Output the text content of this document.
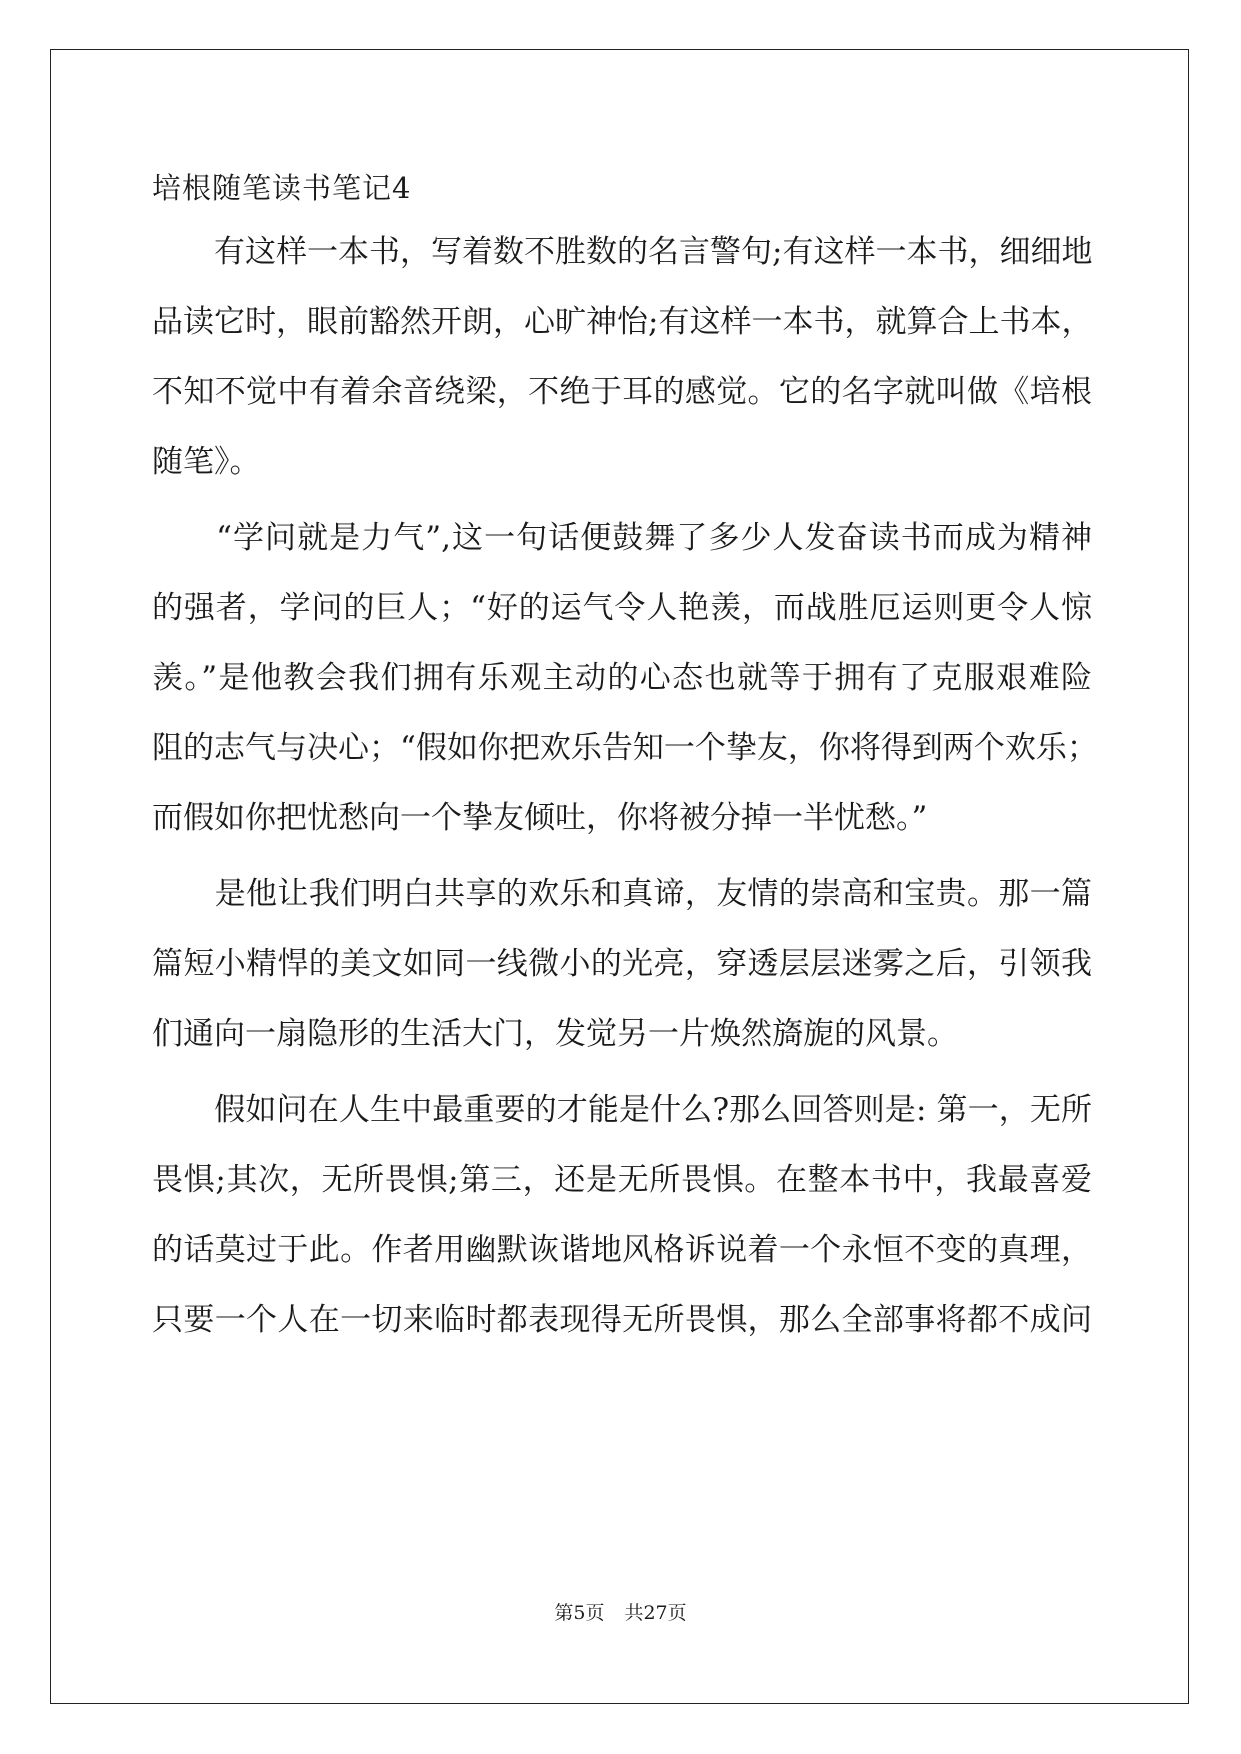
培根随笔读书笔记4
　　有这样一本书，写着数不胜数的名言警句;有这样一本书，细细地
品读它时，眼前豁然开朗，心旷神怡;有这样一本书，就算合上书本，
不知不觉中有着余音绕梁，不绝于耳的感觉。它的名字就叫做《培根
随笔》。
　　“学问就是力气”,这一句话便鼓舞了多少人发奋读书而成为精神
的强者，学问的巨人；“好的运气令人艳羡，而战胜厄运则更令人惊
羡。”是他教会我们拥有乐观主动的心态也就等于拥有了克服艰难险
阻的志气与决心；“假如你把欢乐告知一个挚友，你将得到两个欢乐；
而假如你把忧愁向一个挚友倾吐，你将被分掉一半忧愁。”
　　是他让我们明白共享的欢乐和真谛，友情的崇高和宝贵。那一篇
篇短小精悍的美文如同一线微小的光亮，穿透层层迷雾之后，引领我
们通向一扇隐形的生活大门，发觉另一片焕然旖旎的风景。
　　假如问在人生中最重要的才能是什么?那么回答则是: 第一，无所
畏惧;其次，无所畏惧;第三，还是无所畏惧。在整本书中，我最喜爱
的话莫过于此。作者用幽默诙谐地风格诉说着一个永恒不变的真理，
只要一个人在一切来临时都表现得无所畏惧，那么全部事将都不成问
第5页 共27页
